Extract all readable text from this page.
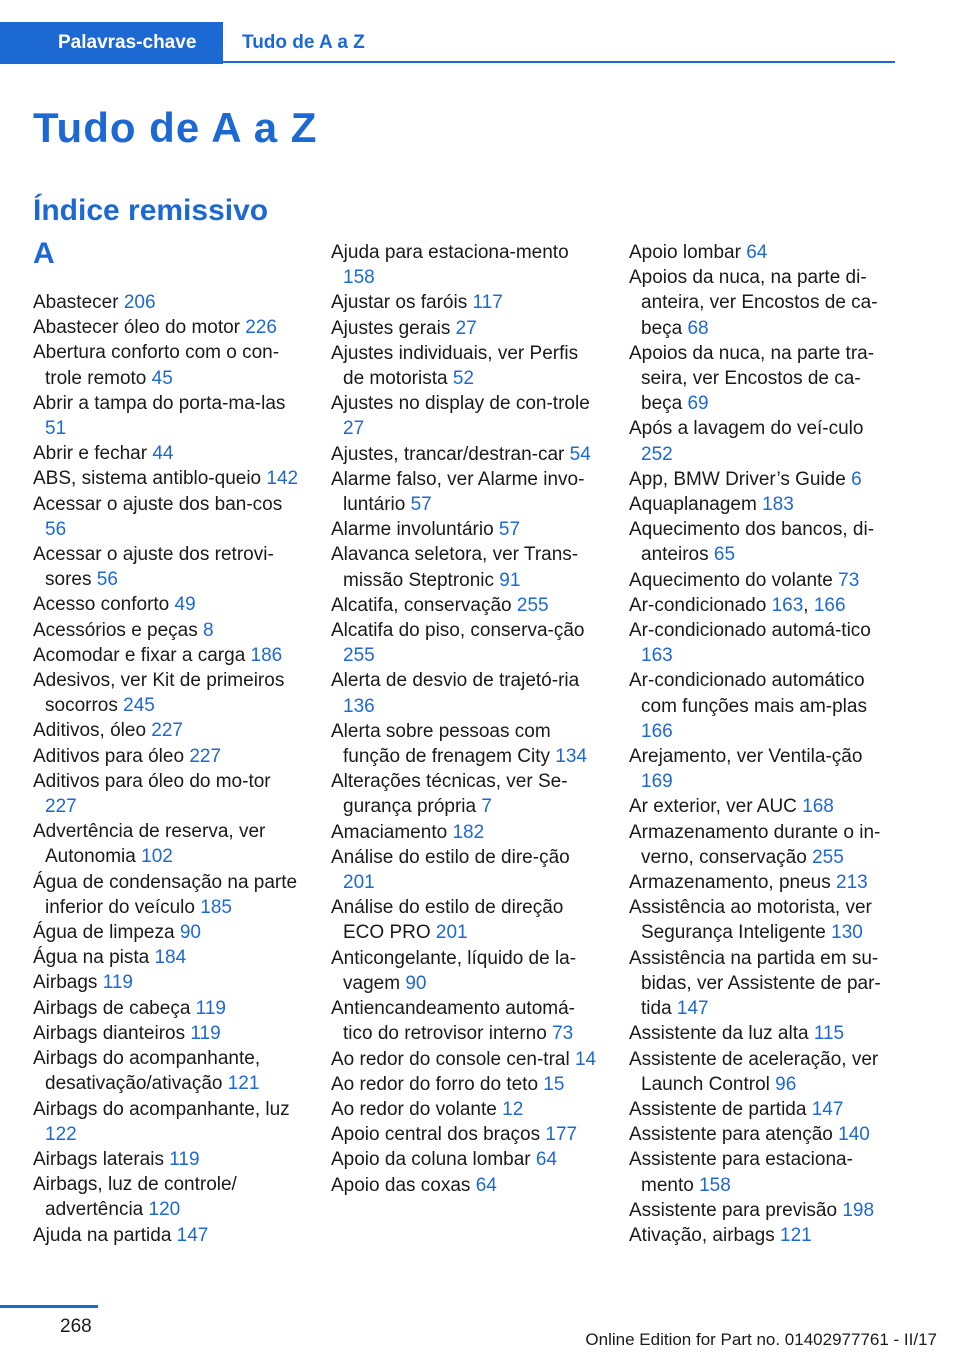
Palavras-chave	Tudo de A a Z
Tudo de A a Z
Índice remissivo
A
Abastecer 206
Abastecer óleo do motor 226
Abertura conforto com o con‐trole remoto 45
Abrir a tampa do porta-ma‐las 51
Abrir e fechar 44
ABS, sistema antiblo‐queio 142
Acessar o ajuste dos ban‐cos 56
Acessar o ajuste dos retrovi‐sores 56
Acesso conforto 49
Acessórios e peças 8
Acomodar e fixar a carga 186
Adesivos, ver Kit de primeiros socorros 245
Aditivos, óleo 227
Aditivos para óleo 227
Aditivos para óleo do mo‐tor 227
Advertência de reserva, ver Autonomia 102
Água de condensação na parte inferior do veículo 185
Água de limpeza 90
Água na pista 184
Airbags 119
Airbags de cabeça 119
Airbags dianteiros 119
Airbags do acompanhante, desativação/ativação 121
Airbags do acompanhante, luz 122
Airbags laterais 119
Airbags, luz de controle/ advertência 120
Ajuda na partida 147
Ajuda para estaciona‐mento 158
Ajustar os faróis 117
Ajustes gerais 27
Ajustes individuais, ver Perfis de motorista 52
Ajustes no display de con‐trole 27
Ajustes, trancar/destran‐car 54
Alarme falso, ver Alarme invo‐luntário 57
Alarme involuntário 57
Alavanca seletora, ver Trans‐missão Steptronic 91
Alcatifa, conservação 255
Alcatifa do piso, conserva‐ção 255
Alerta de desvio de trajetó‐ria 136
Alerta sobre pessoas com função de frenagem City 134
Alterações técnicas, ver Se‐gurança própria 7
Amaciamento 182
Análise do estilo de dire‐ção 201
Análise do estilo de direção ECO PRO 201
Anticongelante, líquido de la‐vagem 90
Antiencandeamento automá‐tico do retrovisor interno 73
Ao redor do console cen‐tral 14
Ao redor do forro do teto 15
Ao redor do volante 12
Apoio central dos braços 177
Apoio da coluna lombar 64
Apoio das coxas 64
Apoio lombar 64
Apoios da nuca, na parte di‐anteira, ver Encostos de ca‐beça 68
Apoios da nuca, na parte tra‐seira, ver Encostos de ca‐beça 69
Após a lavagem do veí‐culo 252
App, BMW Driver’s Guide 6
Aquaplanagem 183
Aquecimento dos bancos, di‐anteiros 65
Aquecimento do volante 73
Ar-condicionado 163, 166
Ar-condicionado automá‐tico 163
Ar-condicionado automático com funções mais am‐plas 166
Arejamento, ver Ventila‐ção 169
Ar exterior, ver AUC 168
Armazenamento durante o in‐verno, conservação 255
Armazenamento, pneus 213
Assistência ao motorista, ver Segurança Inteligente 130
Assistência na partida em su‐bidas, ver Assistente de par‐tida 147
Assistente da luz alta 115
Assistente de aceleração, ver Launch Control 96
Assistente de partida 147
Assistente para atenção 140
Assistente para estaciona‐mento 158
Assistente para previsão 198
Ativação, airbags 121
268
Online Edition for Part no. 01402977761 - II/17
